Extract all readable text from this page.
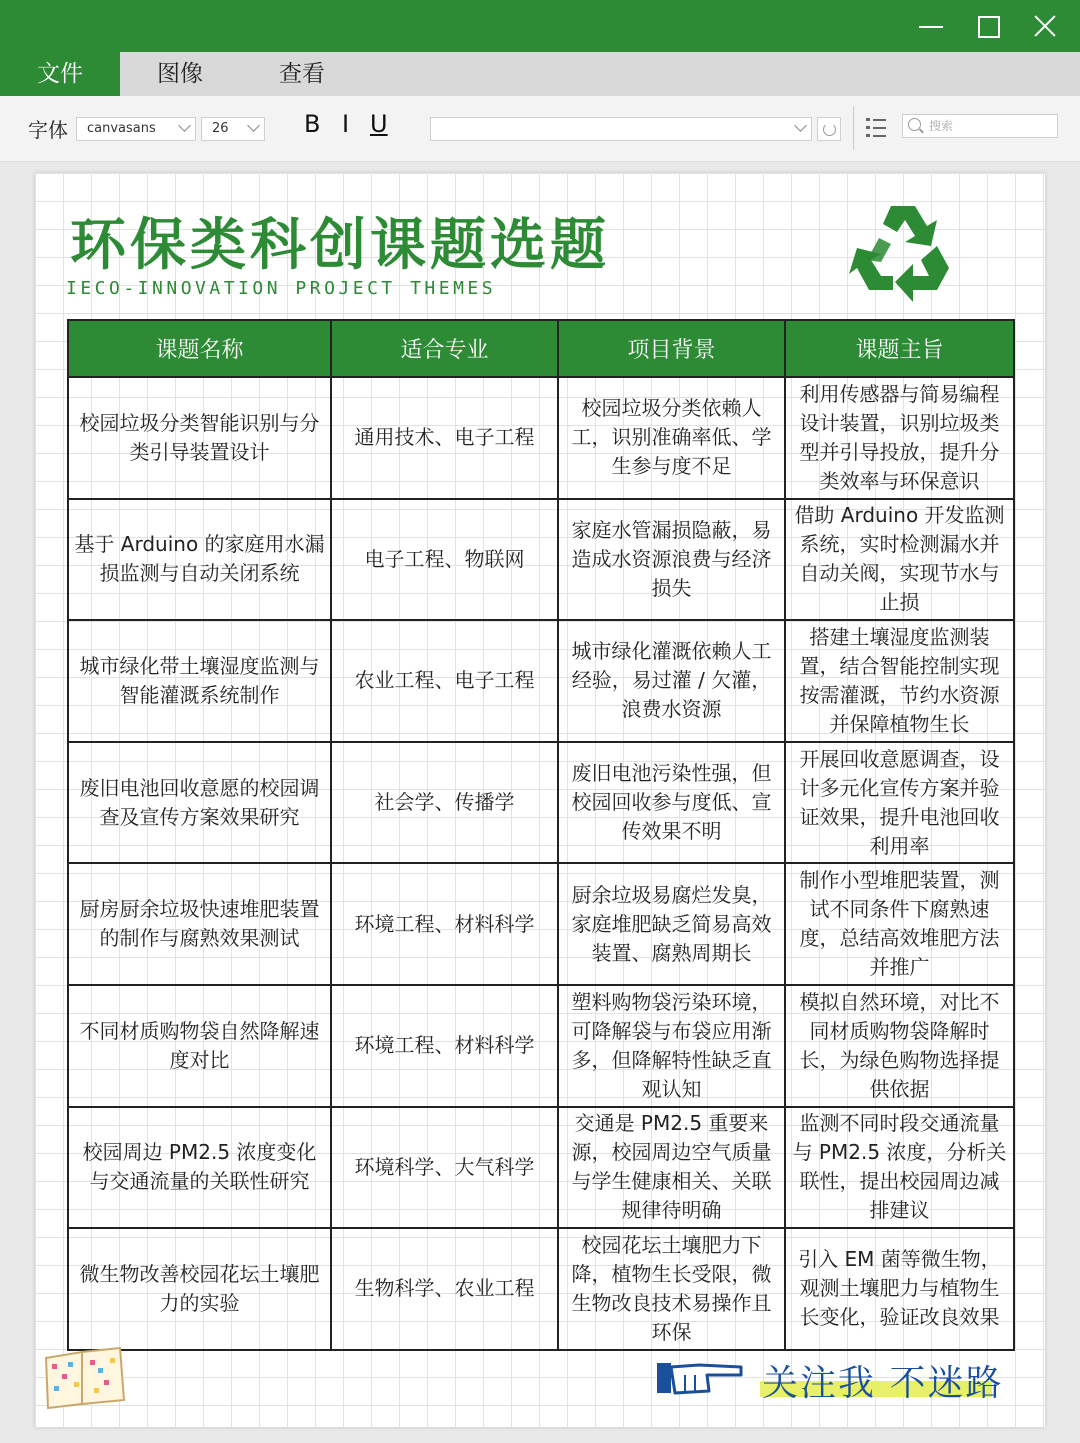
文件	图像	查看
字体	canvasans	26	B I U	搜索
环保类科创课题选题
IECO-INNOVATION PROJECT THEMES
课题名称	适合专业	项目背景	课题主旨
校园垃圾分类智能识别与分类引导装置设计	通用技术、电子工程	校园垃圾分类依赖人工，识别准确率低、学生参与度不足	利用传感器与简易编程设计装置，识别垃圾类型并引导投放，提升分类效率与环保意识
基于 Arduino 的家庭用水漏损监测与自动关闭系统	电子工程、物联网	家庭水管漏损隐蔽，易造成水资源浪费与经济损失	借助 Arduino 开发监测系统，实时检测漏水并自动关阀，实现节水与止损
城市绿化带土壤湿度监测与智能灌溉系统制作	农业工程、电子工程	城市绿化灌溉依赖人工经验，易过灌 / 欠灌，浪费水资源	搭建土壤湿度监测装置，结合智能控制实现按需灌溉，节约水资源并保障植物生长
废旧电池回收意愿的校园调查及宣传方案效果研究	社会学、传播学	废旧电池污染性强，但校园回收参与度低、宣传效果不明	开展回收意愿调查，设计多元化宣传方案并验证效果，提升电池回收利用率
厨房厨余垃圾快速堆肥装置的制作与腐熟效果测试	环境工程、材料科学	厨余垃圾易腐烂发臭，家庭堆肥缺乏简易高效装置、腐熟周期长	制作小型堆肥装置，测试不同条件下腐熟速度，总结高效堆肥方法并推广
不同材质购物袋自然降解速度对比	环境工程、材料科学	塑料购物袋污染环境，可降解袋与布袋应用渐多，但降解特性缺乏直观认知	模拟自然环境，对比不同材质购物袋降解时长，为绿色购物选择提供依据
校园周边 PM2.5 浓度变化与交通流量的关联性研究	环境科学、大气科学	交通是 PM2.5 重要来源，校园周边空气质量与学生健康相关、关联规律待明确	监测不同时段交通流量与 PM2.5 浓度，分析关联性，提出校园周边减排建议
微生物改善校园花坛土壤肥力的实验	生物科学、农业工程	校园花坛土壤肥力下降，植物生长受限，微生物改良技术易操作且环保	引入 EM 菌等微生物，观测土壤肥力与植物生长变化，验证改良效果
关注我 不迷路
